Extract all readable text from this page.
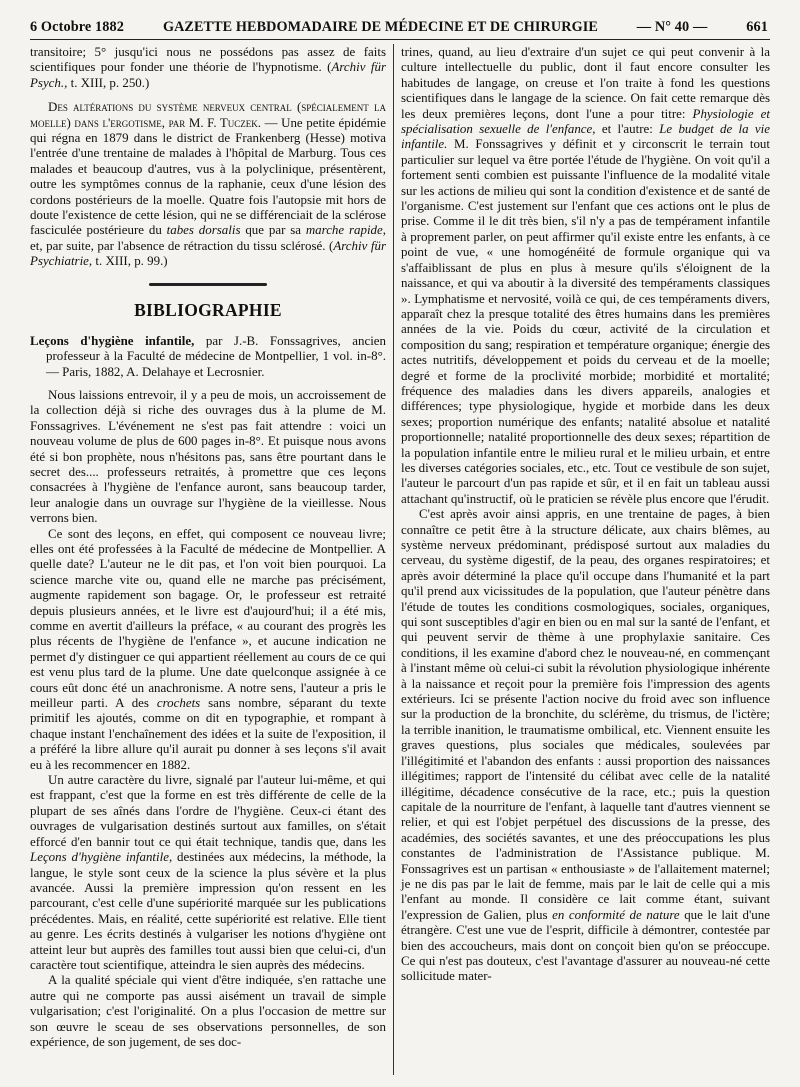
6 Octobre 1882	GAZETTE HEBDOMADAIRE DE MÉDECINE ET DE CHIRURGIE	— N° 40 —	661

transitoire; 5° jusqu'ici nous ne possédons pas assez de faits scientifiques pour fonder une théorie de l'hypnotisme. (Archiv für Psych., t. XIII, p. 250.)

Des altérations du système nerveux central (spécialement la moelle) dans l'ergotisme, par M. F. Tuczek. — Une petite épidémie qui régna en 1879 dans le district de Frankenberg (Hesse) motiva l'entrée d'une trentaine de malades à l'hôpital de Marburg. Tous ces malades et beaucoup d'autres, vus à la polyclinique, présentèrent, outre les symptômes connus de la raphanie, ceux d'une lésion des cordons postérieurs de la moelle. Quatre fois l'autopsie mit hors de doute l'existence de cette lésion, qui ne se différenciait de la sclérose fasciculée postérieure du tabes dorsalis que par sa marche rapide, et, par suite, par l'absence de rétraction du tissu sclérosé. (Archiv für Psychiatrie, t. XIII, p. 99.)

BIBLIOGRAPHIE
Leçons d'hygiène infantile, par J.-B. Fonssagrives, ancien professeur à la Faculté de médecine de Montpellier, 1 vol. in-8°. — Paris, 1882, A. Delahaye et Lecrosnier.

Nous laissions entrevoir, il y a peu de mois, un accroissement de la collection déjà si riche des ouvrages dus à la plume de M. Fonssagrives. L'événement ne s'est pas fait attendre : voici un nouveau volume de plus de 600 pages in-8°. Et puisque nous avons été si bon prophète, nous n'hésitons pas, sans être pourtant dans le secret des.... professeurs retraités, à promettre que ces leçons consacrées à l'hygiène de l'enfance auront, sans beaucoup tarder, leur analogie dans un ouvrage sur l'hygiène de la vieillesse. Nous verrons bien.

Ce sont des leçons, en effet, qui composent ce nouveau livre; elles ont été professées à la Faculté de médecine de Montpellier. A quelle date? L'auteur ne le dit pas, et l'on voit bien pourquoi. La science marche vite ou, quand elle ne marche pas précisément, augmente rapidement son bagage. Or, le professeur est retraité depuis plusieurs années, et le livre est d'aujourd'hui; il a été mis, comme en avertit d'ailleurs la préface, « au courant des progrès les plus récents de l'hygiène de l'enfance », et aucune indication ne permet d'y distinguer ce qui appartient réellement au cours de ce qui est venu plus tard de la plume. Une date quelconque assignée à ce cours eût donc été un anachronisme. A notre sens, l'auteur a pris le meilleur parti. A des crochets sans nombre, séparant du texte primitif les ajoutés, comme on dit en typographie, et rompant à chaque instant l'enchaînement des idées et la suite de l'exposition, il a préféré la libre allure qu'il aurait pu donner à ses leçons s'il avait eu à les recommencer en 1882.

Un autre caractère du livre, signalé par l'auteur lui-même, et qui est frappant, c'est que la forme en est très différente de celle de la plupart de ses aînés dans l'ordre de l'hygiène. Ceux-ci étant des ouvrages de vulgarisation destinés surtout aux familles, on s'était efforcé d'en bannir tout ce qui était technique, tandis que, dans les Leçons d'hygiène infantile, destinées aux médecins, la méthode, la langue, le style sont ceux de la science la plus sévère et la plus avancée. Aussi la première impression qu'on ressent en les parcourant, c'est celle d'une supériorité marquée sur les publications précédentes. Mais, en réalité, cette supériorité est relative. Elle tient au genre. Les écrits destinés à vulgariser les notions d'hygiène ont atteint leur but auprès des familles tout aussi bien que celui-ci, d'un caractère tout scientifique, atteindra le sien auprès des médecins.

A la qualité spéciale qui vient d'être indiquée, s'en rattache une autre qui ne comporte pas aussi aisément un travail de simple vulgarisation; c'est l'originalité. On a plus l'occasion de mettre sur son œuvre le sceau de ses observations personnelles, de son expérience, de son jugement, de ses doc-

trines, quand, au lieu d'extraire d'un sujet ce qui peut convenir à la culture intellectuelle du public, dont il faut encore consulter les habitudes de langage, on creuse et l'on traite à fond les questions scientifiques dans le langage de la science. On fait cette remarque dès les deux premières leçons, dont l'une a pour titre: Physiologie et spécialisation sexuelle de l'enfance, et l'autre: Le budget de la vie infantile. M. Fonssagrives y définit et y circonscrit le terrain tout particulier sur lequel va être portée l'étude de l'hygiène. On voit qu'il a fortement senti combien est puissante l'influence de la modalité vitale sur les actions de milieu qui sont la condition d'existence et de santé de l'organisme. C'est justement sur l'enfant que ces actions ont le plus de prise. Comme il le dit très bien, s'il n'y a pas de tempérament infantile à proprement parler, on peut affirmer qu'il existe entre les enfants, à ce point de vue, « une homogénéité de formule organique qui va s'affaiblissant de plus en plus à mesure qu'ils s'éloignent de la naissance, et qui va aboutir à la diversité des tempéraments classiques ». Lymphatisme et nervosité, voilà ce qui, de ces tempéraments divers, apparaît chez la presque totalité des êtres humains dans les premières années de la vie. Poids du cœur, activité de la circulation et composition du sang; respiration et température organique; énergie des actes nutritifs, développement et poids du cerveau et de la moelle; degré et forme de la proclivité morbide; morbidité et mortalité; fréquence des maladies dans les divers appareils, analogies et différences; type physiologique, hygide et morbide dans les deux sexes; proportion numérique des enfants; natalité absolue et natalité proportionnelle; natalité proportionnelle des deux sexes; répartition de la population infantile entre le milieu rural et le milieu urbain, et entre les diverses catégories sociales, etc., etc. Tout ce vestibule de son sujet, l'auteur le parcourt d'un pas rapide et sûr, et il en fait un tableau aussi attachant qu'instructif, où le praticien se révèle plus encore que l'érudit.

C'est après avoir ainsi appris, en une trentaine de pages, à bien connaître ce petit être à la structure délicate, aux chairs blêmes, au système nerveux prédominant, prédisposé surtout aux maladies du cerveau, du système digestif, de la peau, des organes respiratoires; et après avoir déterminé la place qu'il occupe dans l'humanité et la part qu'il prend aux vicissitudes de la population, que l'auteur pénètre dans l'étude de toutes les conditions cosmologiques, sociales, organiques, qui sont susceptibles d'agir en bien ou en mal sur la santé de l'enfant, et qui peuvent servir de thème à une prophylaxie sanitaire. Ces conditions, il les examine d'abord chez le nouveau-né, en commençant à l'instant même où celui-ci subit la révolution physiologique inhérente à la naissance et reçoit pour la première fois l'impression des agents extérieurs. Ici se présente l'action nocive du froid avec son influence sur la production de la bronchite, du sclérème, du trismus, de l'ictère; la terrible inanition, le traumatisme ombilical, etc. Viennent ensuite les graves questions, plus sociales que médicales, soulevées par l'illégitimité et l'abandon des enfants : aussi proportion des naissances illégitimes; rapport de l'intensité du célibat avec celle de la natalité illégitime, décadence consécutive de la race, etc.; puis la question capitale de la nourriture de l'enfant, à laquelle tant d'autres viennent se relier, et qui est l'objet perpétuel des discussions de la presse, des académies, des sociétés savantes, et une des préoccupations les plus constantes de l'administration de l'Assistance publique. M. Fonssagrives est un partisan « enthousiaste » de l'allaitement maternel; je ne dis pas par le lait de femme, mais par le lait de celle qui a mis l'enfant au monde. Il considère ce lait comme étant, suivant l'expression de Galien, plus en conformité de nature que le lait d'une étrangère. C'est une vue de l'esprit, difficile à démontrer, contestée par bien des accoucheurs, mais dont on conçoit bien qu'on se préoccupe. Ce qui n'est pas douteux, c'est l'avantage d'assurer au nouveau-né cette sollicitude mater-
